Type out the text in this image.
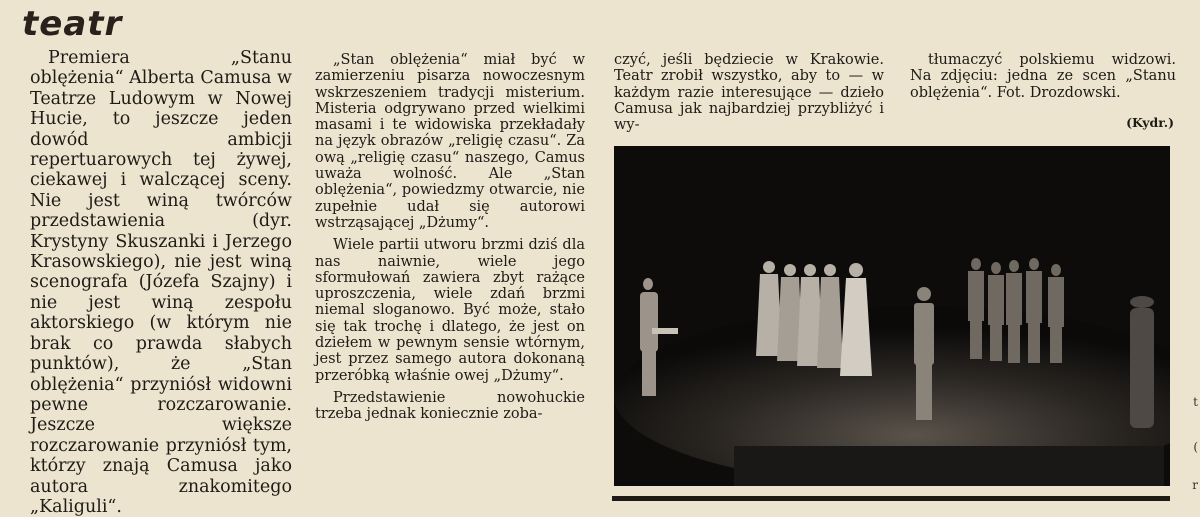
teatr

Premiera „Stanu oblężenia“ Alberta Camusa w Teatrze Ludowym w Nowej Hucie, to jeszcze jeden dowód ambicji repertuarowych tej żywej, ciekawej i walczącej sceny. Nie jest winą twórców przedstawienia (dyr. Krystyny Skuszanki i Jerzego Krasowskiego), nie jest winą scenografa (Józefa Szajny) i nie jest winą zespołu aktorskiego (w którym nie brak co prawda słabych punktów), że „Stan oblężenia“ przyniósł widowni pewne rozczarowanie. Jeszcze większe rozczarowanie przyniósł tym, którzy znają Camusa jako autora znakomitego „Kaliguli“.

„Stan oblężenia“ miał być w zamierzeniu pisarza nowoczesnym wskrzeszeniem tradycji misterium. Misteria odgrywano przed wielkimi masami i te widowiska przekładały na język obrazów „religię czasu“. Za ową „religię czasu“ naszego, Camus uważa wolność. Ale „Stan oblężenia“, powiedzmy otwarcie, nie zupełnie udał się autorowi wstrząsającej „Dżumy“.

Wiele partii utworu brzmi dziś dla nas naiwnie, wiele jego sformułowań zawiera zbyt rażące uproszczenia, wiele zdań brzmi niemal sloganowo. Być może, stało się tak trochę i dlatego, że jest on dziełem w pewnym sensie wtórnym, jest przez samego autora dokonaną przeróbką właśnie owej „Dżumy“.

Przedstawienie nowohuckie trzeba jednak koniecznie zoba-

czyć, jeśli będziecie w Krakowie. Teatr zrobił wszystko, aby to — w każdym razie interesujące — dzieło Camusa jak najbardziej przybliżyć i wy-

tłumaczyć polskiemu widzowi. Na zdjęciu: jedna ze scen „Stanu oblężenia“. Fot. Drozdowski.

(Kydr.)
t
(
r
